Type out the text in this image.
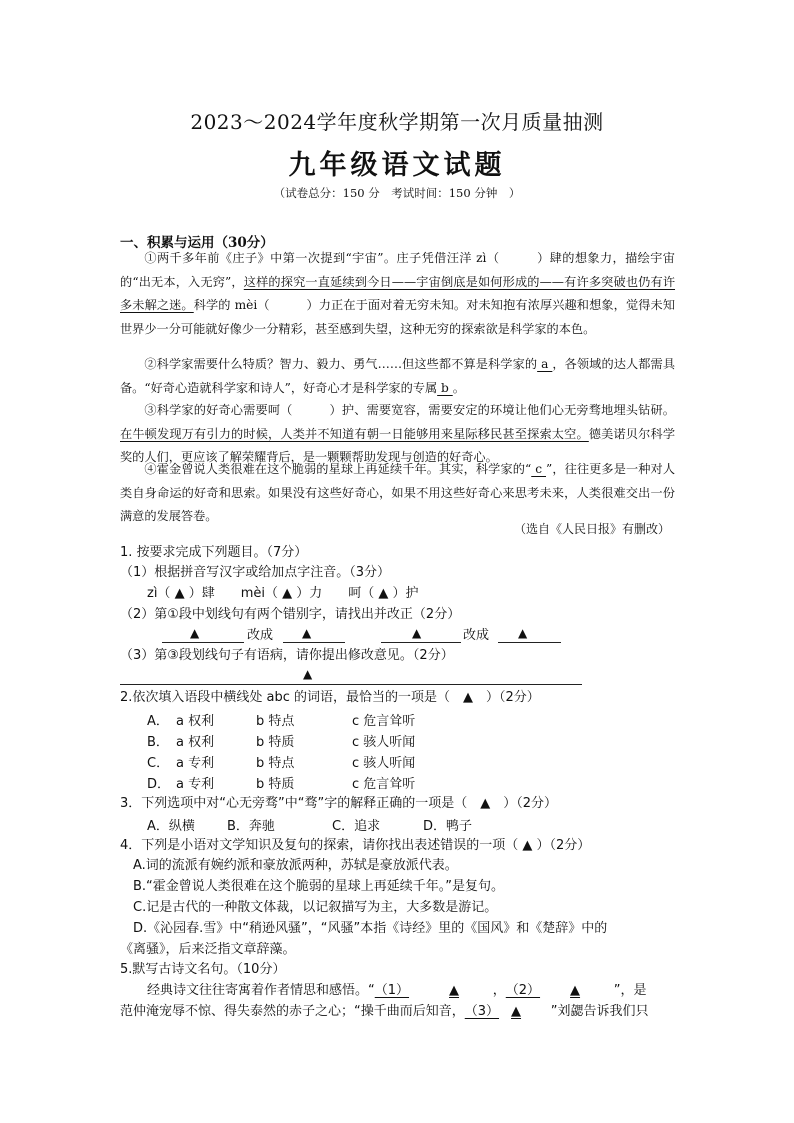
2023～2024学年度秋学期第一次月质量抽测
九年级语文试题
（试卷总分：150 分　考试时间：150 分钟　）
一、积累与运用（30分）
①两千多年前《庄子》中第一次提到“宇宙”。庄子凭借汪洋 zì（　　　）肆的想象力，描绘宇宙的“出无本，入无窍”，这样的探究一直延续到今日——宇宙倒底是如何形成的——有许多突破也仍有许多未解之迷。科学的 mèi（　　　）力正在于面对着无穷未知。对未知抱有浓厚兴趣和想象，觉得未知世界少一分可能就好像少一分精彩，甚至感到失望，这种无穷的探索欲是科学家的本色。
②科学家需要什么特质？智力、毅力、勇气……但这些都不算是科学家的 a ，各领域的达人都需具备。“好奇心造就科学家和诗人”，好奇心才是科学家的专属 b 。
③科学家的好奇心需要呵（　　　）护、需要宽容，需要安定的环境让他们心无旁骛地埋头钻研。在牛顿发现万有引力的时候，人类并不知道有朝一日能够用来星际移民甚至探索太空。德美诺贝尔科学奖的人们，更应该了解荣耀背后，是一颗颗帮助发现与创造的好奇心。
④霍金曾说人类很难在这个脆弱的星球上再延续千年。其实，科学家的“ c ”，往往更多是一种对人类自身命运的好奇和思索。如果没有这些好奇心，如果不用这些好奇心来思考未来，人类很难交出一份满意的发展答卷。
（选自《人民日报》有删改）
1. 按要求完成下列题目。（7分）
（1）根据拼音写汉字或给加点字注音。（3分）
zì（ ▲ ）肆　　mèi（ ▲ ）力　　呵（ ▲ ）护
（2）第①段中划线句有两个错别字，请找出并改正（2分）
▲	改成	▲	▲	改成	▲
（3）第③段划线句子有语病，请你提出修改意见。（2分）
▲
2.依次填入语段中横线处 abc 的词语，最恰当的一项是（　▲　）（2分）
A． a 权利	b 特点	c 危言耸听
B． a 权利	b 特质	c 骇人听闻
C． a 专利	b 特点	c 骇人听闻
D． a 专利	b 特质	c 危言耸听
3．下列选项中对“心无旁骛”中“骛”字的解释正确的一项是（　▲　）（2分）
A．纵横 B．奔驰	C．追求	D．鸭子
4．下列是小语对文学知识及复句的探索，请你找出表述错误的一项（ ▲ ）（2分）
A.词的流派有婉约派和豪放派两种，苏轼是豪放派代表。
B.“霍金曾说人类很难在这个脆弱的星球上再延续千年。”是复句。
C.记是古代的一种散文体裁，以记叙描写为主，大多数是游记。
D.《沁园春.雪》中“稍逊风骚”，“风骚”本指《诗经》里的《国风》和《楚辞》中的
《离骚》，后来泛指文章辞藻。
5.默写古诗文名句。（10分）
经典诗文往往寄寓着作者情思和感悟。“（1）	▲	，（2） ▲	”，是
范仲淹宠辱不惊、得失泰然的赤子之心；“操千曲而后知音，（3） ▲ ”刘勰告诉我们只
